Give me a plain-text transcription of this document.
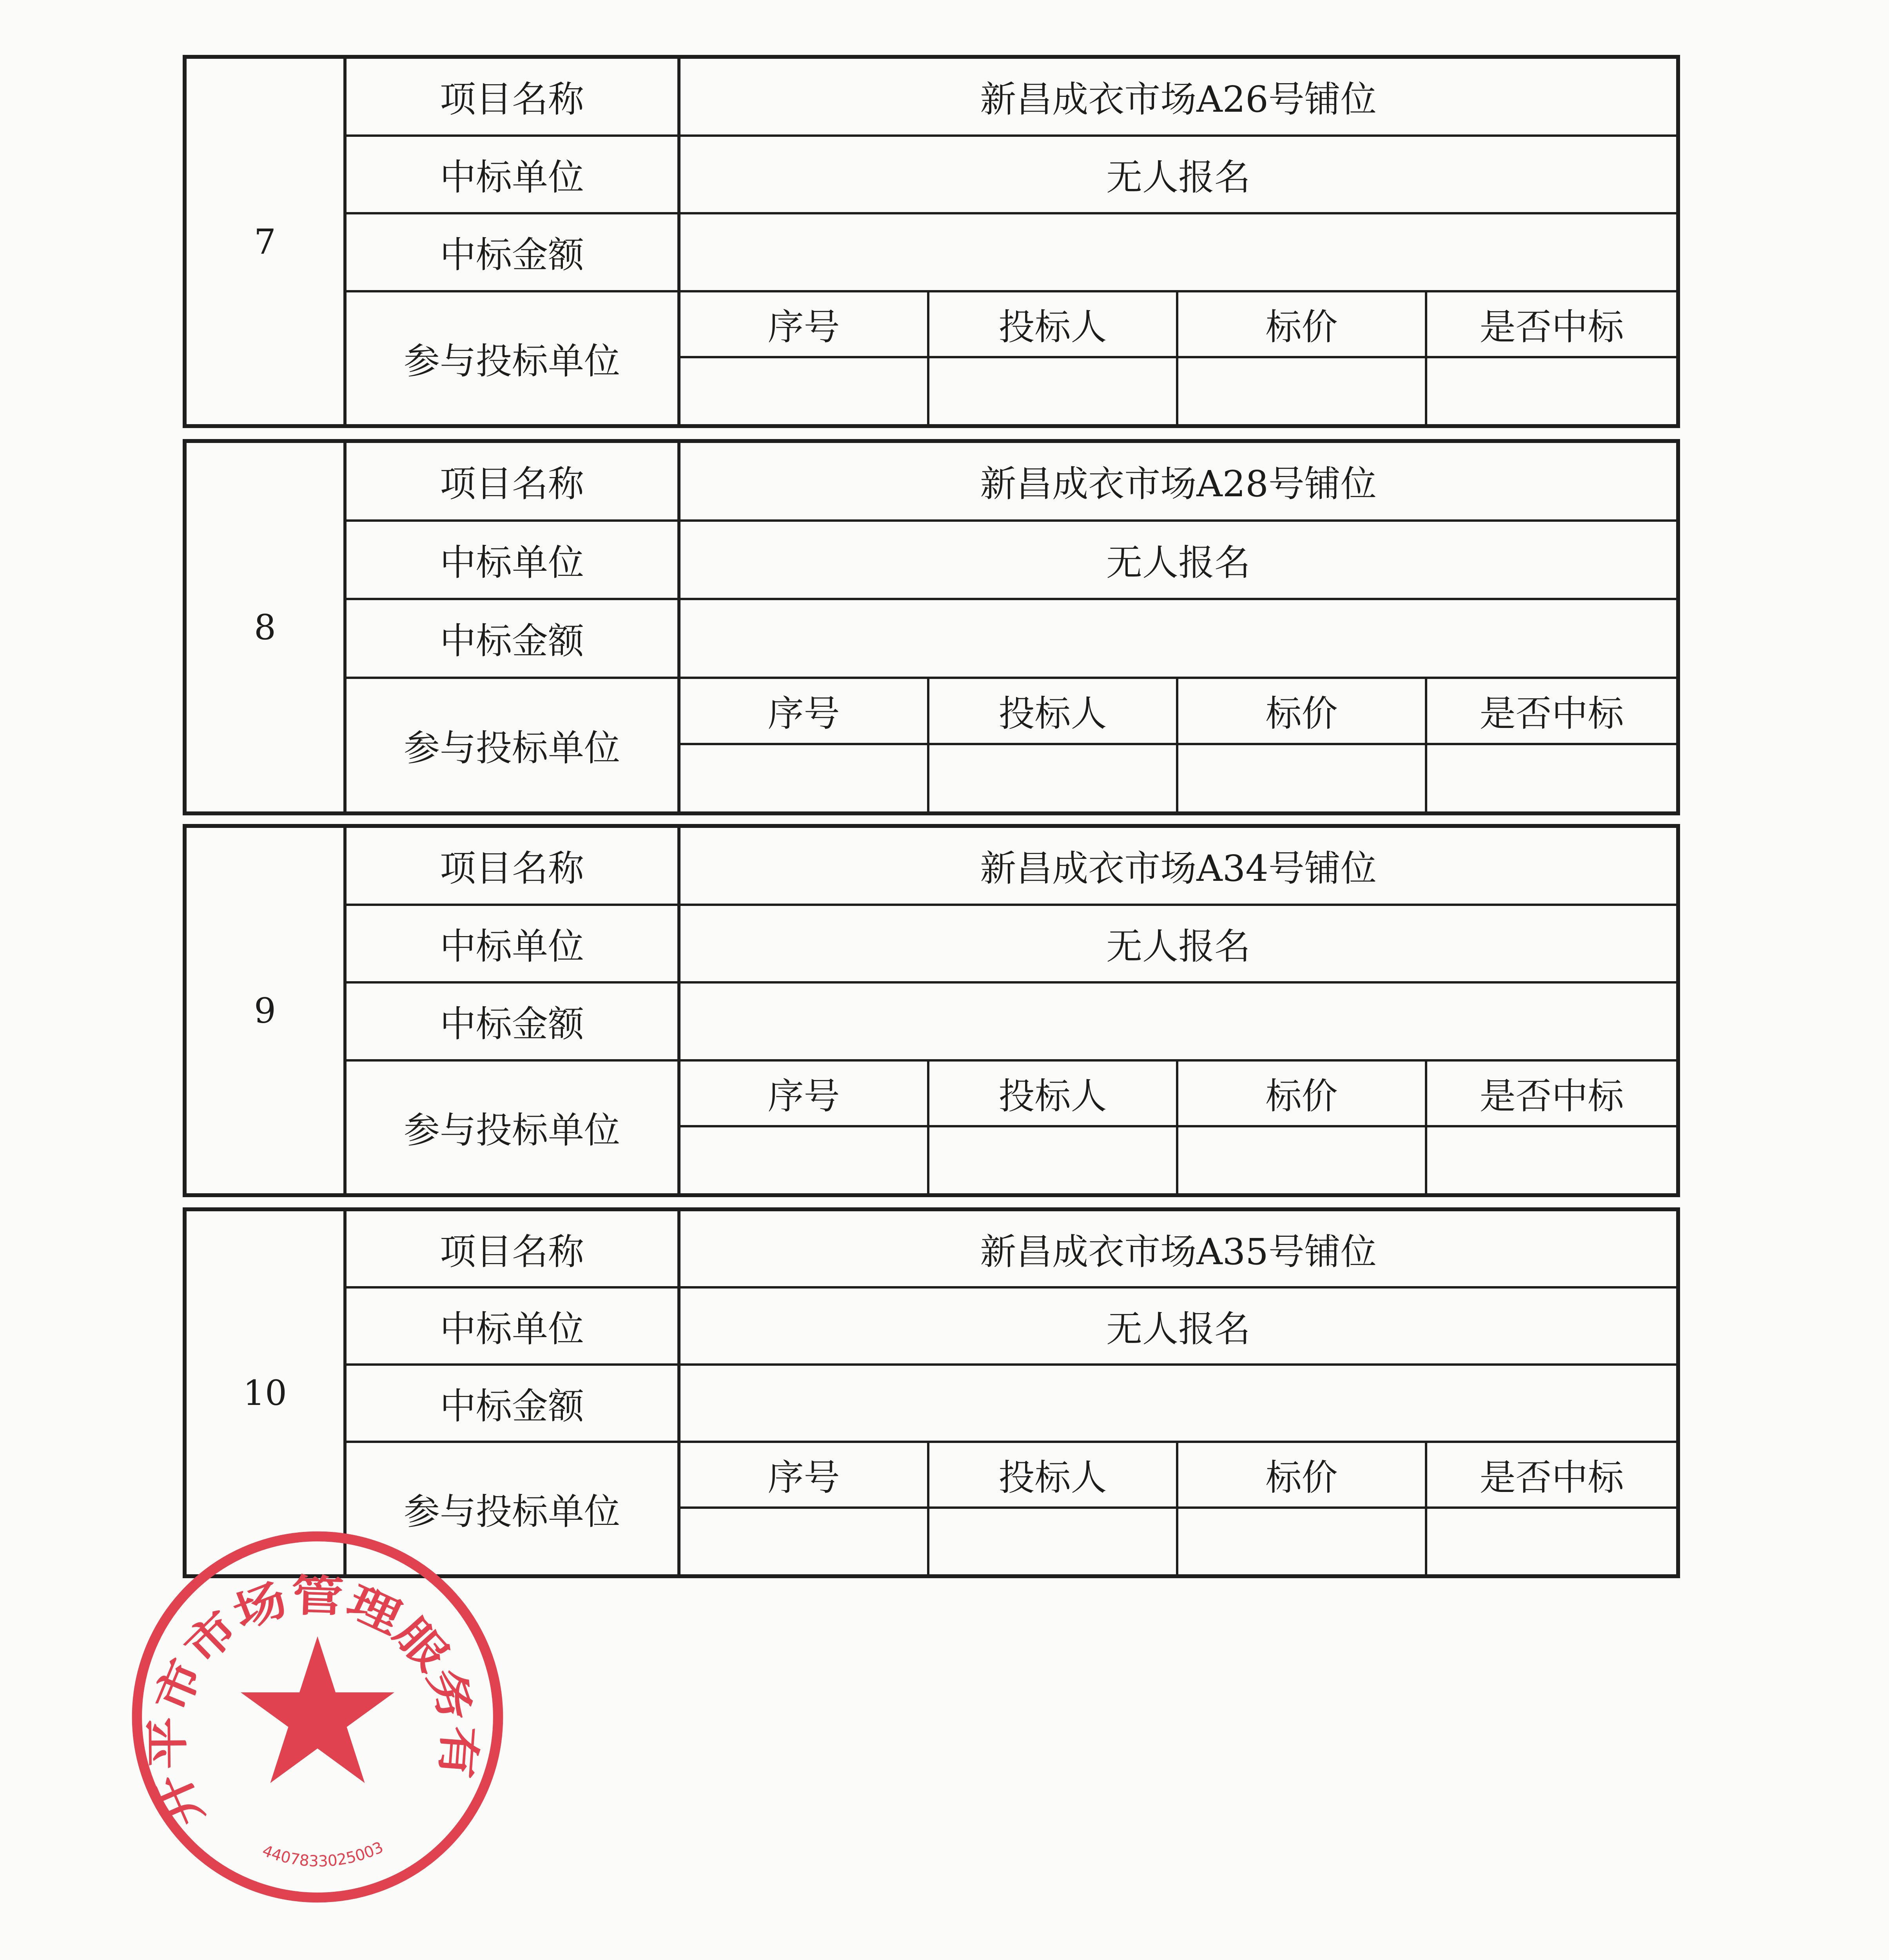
7
项目名称	新昌成衣市场A26号铺位
中标单位	无人报名
中标金额
参与投标单位
序号	投标人	标价	是否中标
8
项目名称	新昌成衣市场A28号铺位
中标单位	无人报名
中标金额
参与投标单位
序号	投标人	标价	是否中标
9
项目名称	新昌成衣市场A34号铺位
中标单位	无人报名
中标金额
参与投标单位
序号	投标人	标价	是否中标
10
项目名称	新昌成衣市场A35号铺位
中标单位	无人报名
中标金额
参与投标单位
序号	投标人	标价	是否中标
开平市市场管理服务有
4407833025003
